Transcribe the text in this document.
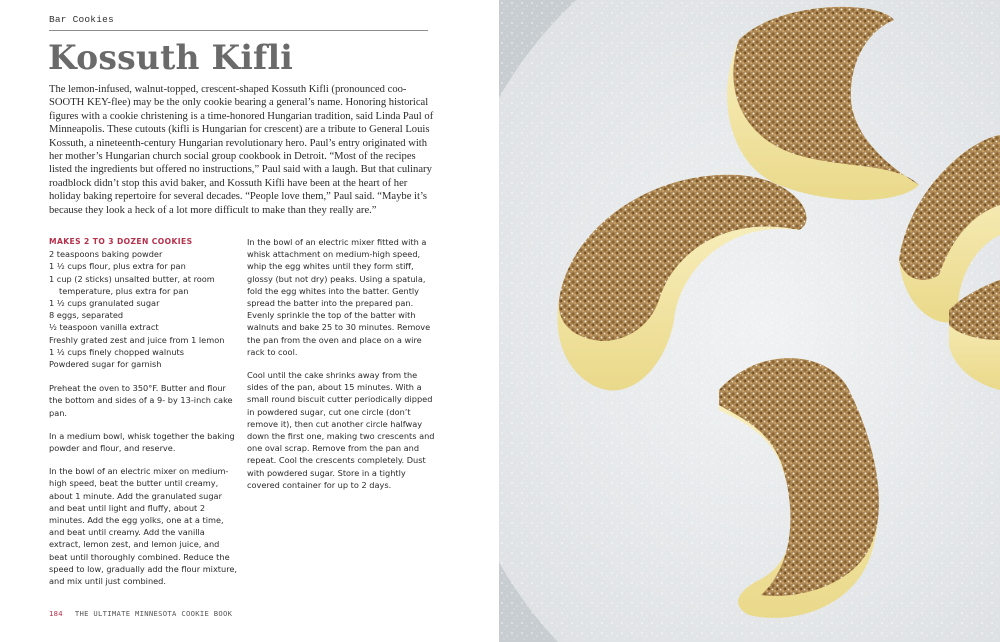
Bar Cookies
Kossuth Kifli

The lemon-infused, walnut-topped, crescent-shaped Kossuth Kifli (pronounced coo-SOOTH KEY-flee) may be the only cookie bearing a general’s name. Honoring historical figures with a cookie christening is a time-honored Hungarian tradition, said Linda Paul of Minneapolis. These cutouts (kifli is Hungarian for crescent) are a tribute to General Louis Kossuth, a nineteenth-century Hungarian revolutionary hero. Paul’s entry originated with her mother’s Hungarian church social group cookbook in Detroit. “Most of the recipes listed the ingredients but offered no instructions,” Paul said with a laugh. But that culinary roadblock didn’t stop this avid baker, and Kossuth Kifli have been at the heart of her holiday baking repertoire for several decades. “People love them,” Paul said. “Maybe it’s because they look a heck of a lot more difficult to make than they really are.”

MAKES 2 TO 3 DOZEN COOKIES
2 teaspoons baking powder
1 ½ cups flour, plus extra for pan
1 cup (2 sticks) unsalted butter, at room temperature, plus extra for pan
1 ½ cups granulated sugar
8 eggs, separated
½ teaspoon vanilla extract
Freshly grated zest and juice from 1 lemon
1 ½ cups finely chopped walnuts
Powdered sugar for garnish

Preheat the oven to 350°F. Butter and flour the bottom and sides of a 9- by 13-inch cake pan.

In a medium bowl, whisk together the baking powder and flour, and reserve.

In the bowl of an electric mixer on medium-high speed, beat the butter until creamy, about 1 minute. Add the granulated sugar and beat until light and fluffy, about 2 minutes. Add the egg yolks, one at a time, and beat until creamy. Add the vanilla extract, lemon zest, and lemon juice, and beat until thoroughly combined. Reduce the speed to low, gradually add the flour mixture, and mix until just combined.

In the bowl of an electric mixer fitted with a whisk attachment on medium-high speed, whip the egg whites until they form stiff, glossy (but not dry) peaks. Using a spatula, fold the egg whites into the batter. Gently spread the batter into the prepared pan. Evenly sprinkle the top of the batter with walnuts and bake 25 to 30 minutes. Remove the pan from the oven and place on a wire rack to cool.

Cool until the cake shrinks away from the sides of the pan, about 15 minutes. With a small round biscuit cutter periodically dipped in powdered sugar, cut one circle (don’t remove it), then cut another circle halfway down the first one, making two crescents and one oval scrap. Remove from the pan and repeat. Cool the crescents completely. Dust with powdered sugar. Store in a tightly covered container for up to 2 days.

184 THE ULTIMATE MINNESOTA COOKIE BOOK
